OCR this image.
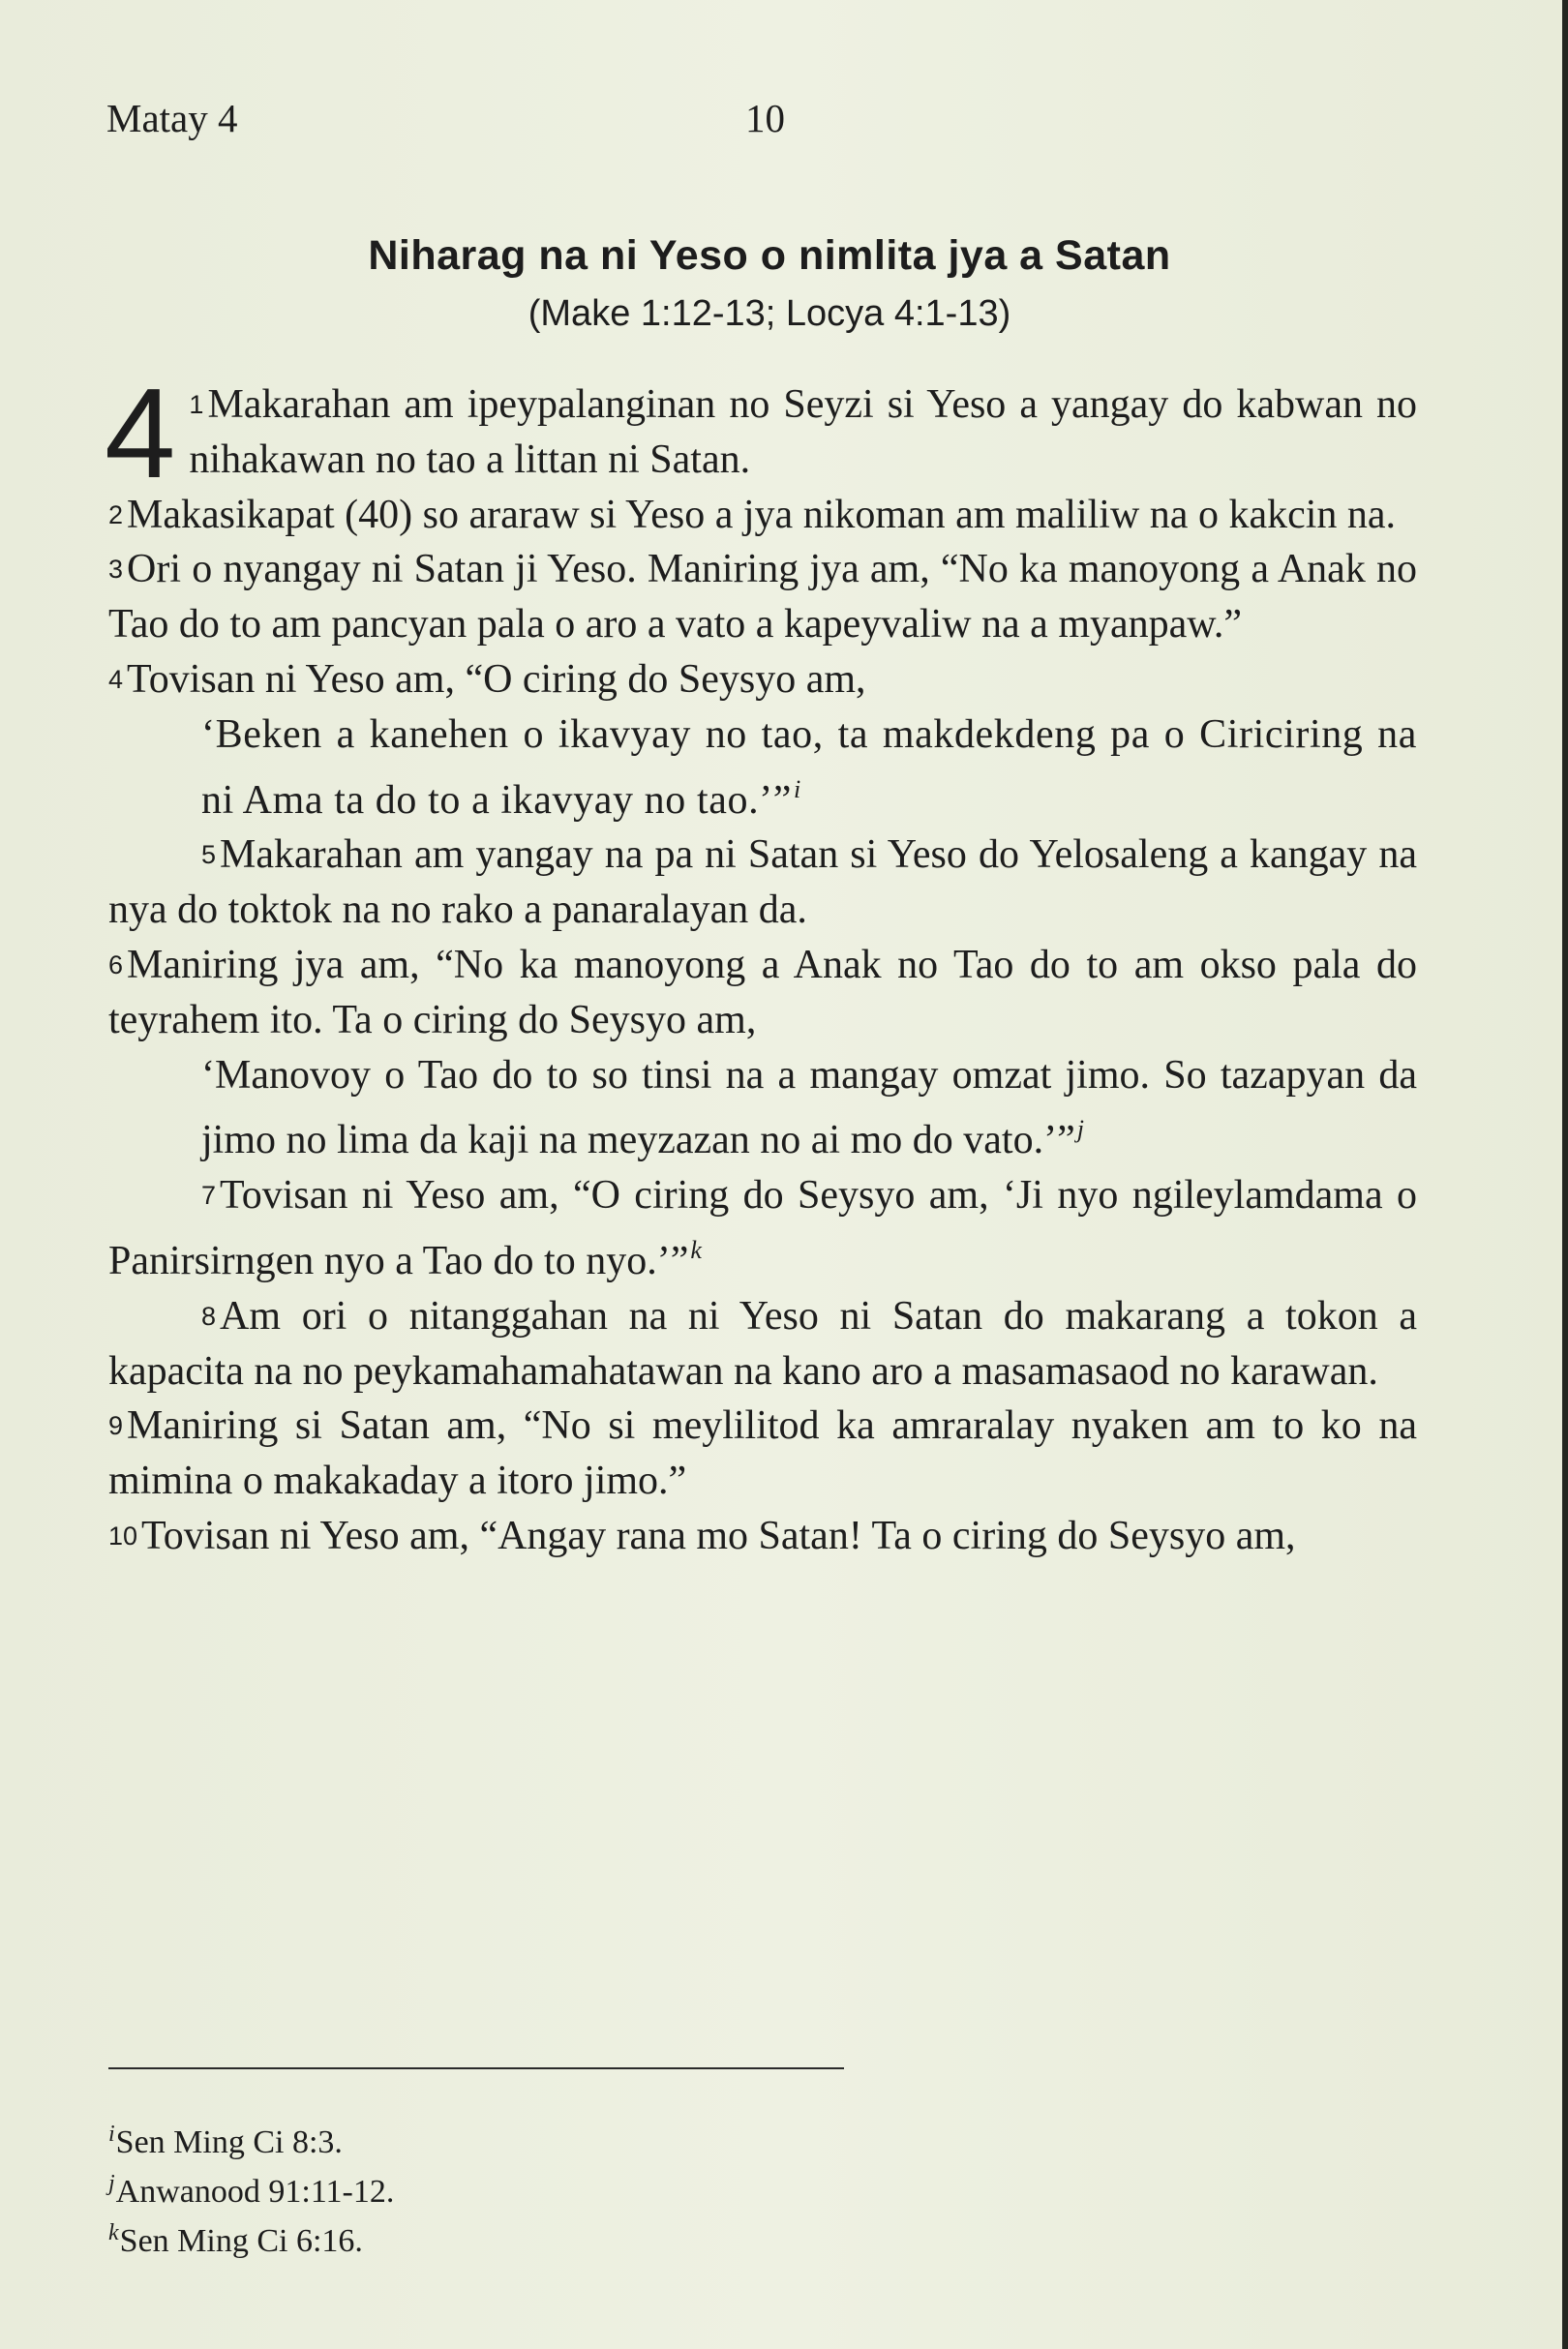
Matay 4	10
Niharag na ni Yeso o nimlita jya a Satan
(Make 1:12-13; Locya 4:1-13)

4 1Makarahan am ipeypalanginan no Seyzi si Yeso a yangay do kabwan no nihakawan no tao a littan ni Satan.

2Makasikapat (40) so araraw si Yeso a jya nikoman am maliliw na o kakcin na.

3Ori o nyangay ni Satan ji Yeso. Maniring jya am, “No ka manoyong a Anak no Tao do to am pancyan pala o aro a vato a kapeyvaliw na a myanpaw.”

4Tovisan ni Yeso am, “O ciring do Seysyo am,

‘Beken a kanehen o ikavyay no tao, ta makdekdeng pa o Ciriciring na ni Ama ta do to a ikavyay no tao.’”$^i$

5Makarahan am yangay na pa ni Satan si Yeso do Yelosaleng a kangay na nya do toktok na no rako a panaralayan da.

6Maniring jya am, “No ka manoyong a Anak no Tao do to am okso pala do teyrahem ito. Ta o ciring do Seysyo am,

‘Manovoy o Tao do to so tinsi na a mangay omzat jimo. So tazapyan da jimo no lima da kaji na meyzazan no ai mo do vato.’”$^j$

7Tovisan ni Yeso am, “O ciring do Seysyo am, ‘Ji nyo ngileylamdama o Panirsirngen nyo a Tao do to nyo.’”$^k$

8Am ori o nitanggahan na ni Yeso ni Satan do makarang a tokon a kapacita na no peykamahamahatawan na kano aro a masamasaod no karawan.

9Maniring si Satan am, “No si meylilitod ka amraralay nyaken am to ko na mimina o makakaday a itoro jimo.”

10Tovisan ni Yeso am, “Angay rana mo Satan! Ta o ciring do Seysyo am,

$^i$Sen Ming Ci 8:3.
$^j$Anwanood 91:11-12.
$^k$Sen Ming Ci 6:16.
